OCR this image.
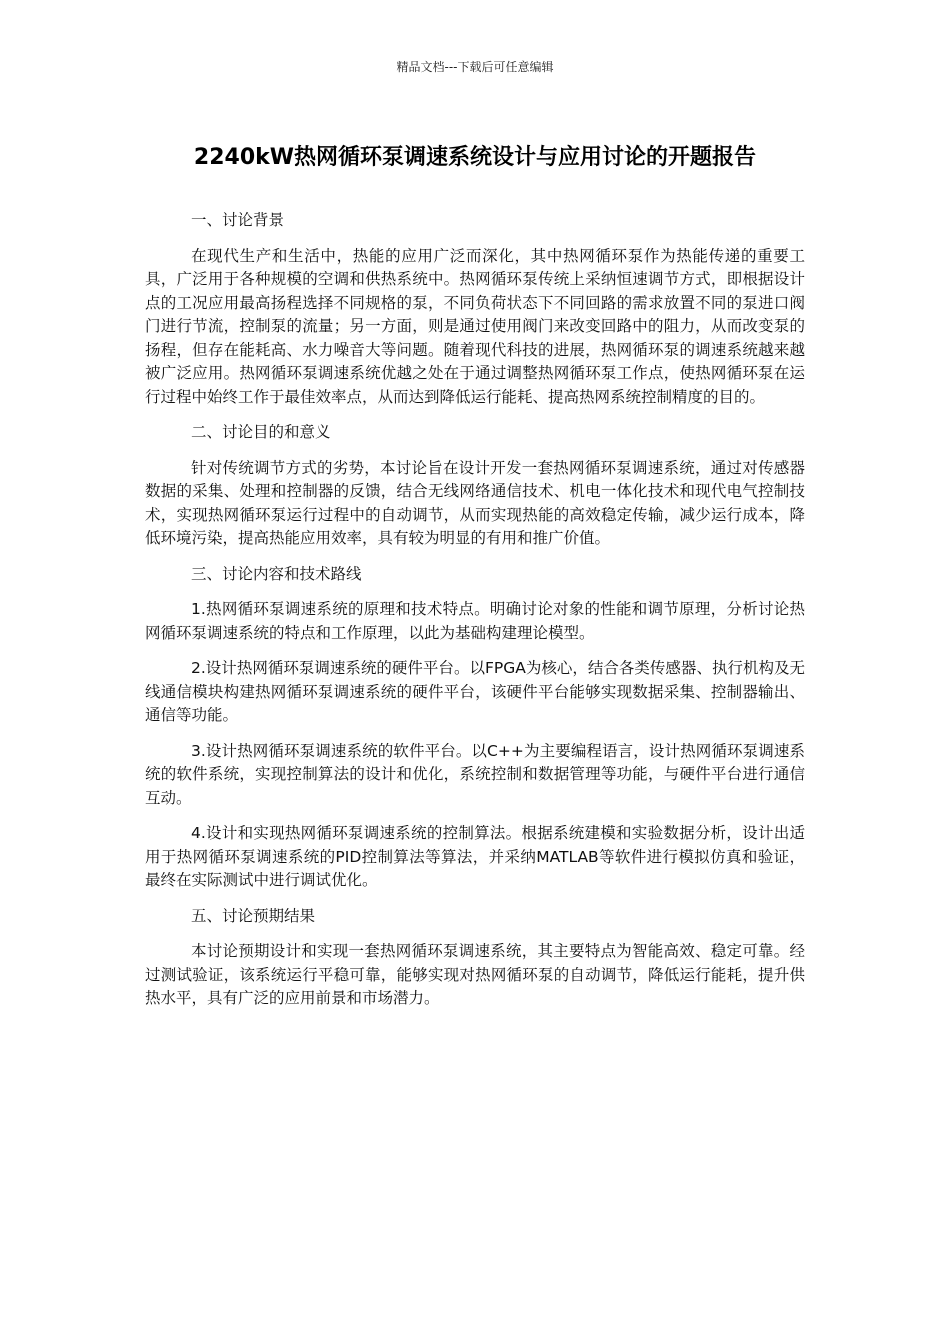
精品文档---下载后可任意编辑
2240kW热网循环泵调速系统设计与应用讨论的开题报告

一、讨论背景

在现代生产和生活中，热能的应用广泛而深化，其中热网循环泵作为热能传递的重要工具，广泛用于各种规模的空调和供热系统中。热网循环泵传统上采纳恒速调节方式，即根据设计点的工况应用最高扬程选择不同规格的泵，不同负荷状态下不同回路的需求放置不同的泵进口阀门进行节流，控制泵的流量；另一方面，则是通过使用阀门来改变回路中的阻力，从而改变泵的扬程，但存在能耗高、水力噪音大等问题。随着现代科技的进展，热网循环泵的调速系统越来越被广泛应用。热网循环泵调速系统优越之处在于通过调整热网循环泵工作点，使热网循环泵在运行过程中始终工作于最佳效率点，从而达到降低运行能耗、提高热网系统控制精度的目的。

二、讨论目的和意义

针对传统调节方式的劣势，本讨论旨在设计开发一套热网循环泵调速系统，通过对传感器数据的采集、处理和控制器的反馈，结合无线网络通信技术、机电一体化技术和现代电气控制技术，实现热网循环泵运行过程中的自动调节，从而实现热能的高效稳定传输，减少运行成本，降低环境污染，提高热能应用效率，具有较为明显的有用和推广价值。

三、讨论内容和技术路线

1.热网循环泵调速系统的原理和技术特点。明确讨论对象的性能和调节原理，分析讨论热网循环泵调速系统的特点和工作原理，以此为基础构建理论模型。

2.设计热网循环泵调速系统的硬件平台。以FPGA为核心，结合各类传感器、执行机构及无线通信模块构建热网循环泵调速系统的硬件平台，该硬件平台能够实现数据采集、控制器输出、通信等功能。

3.设计热网循环泵调速系统的软件平台。以C++为主要编程语言，设计热网循环泵调速系统的软件系统，实现控制算法的设计和优化，系统控制和数据管理等功能，与硬件平台进行通信互动。

4.设计和实现热网循环泵调速系统的控制算法。根据系统建模和实验数据分析，设计出适用于热网循环泵调速系统的PID控制算法等算法，并采纳MATLAB等软件进行模拟仿真和验证，最终在实际测试中进行调试优化。

五、讨论预期结果

本讨论预期设计和实现一套热网循环泵调速系统，其主要特点为智能高效、稳定可靠。经过测试验证，该系统运行平稳可靠，能够实现对热网循环泵的自动调节，降低运行能耗，提升供热水平，具有广泛的应用前景和市场潜力。
